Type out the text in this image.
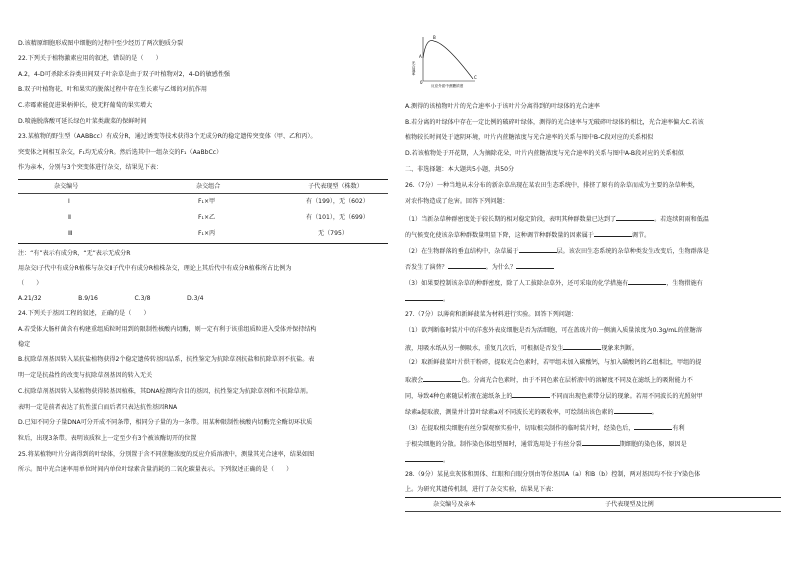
D.该精原细胞形成图中细胞的过程中至少经历了两次胞质分裂
22.下列关于植物激素应用的叙述，错误的是（　　）
A.2，4-D可杀除禾谷类田间双子叶杂草是由于双子叶植物对2，4-D的敏感性强
B.双子叶植物花、叶和果实的脱落过程中存在生长素与乙烯的对抗作用
C.赤霉素能促进果柄伸长，使无籽葡萄的果实增大
D.喷施脱落酸可延长绿色叶菜类蔬菜的保鲜时间
23.某植物的野生型（AABBcc）有成分R，通过诱变等技术获得3个无成分R的稳定遗传突变体（甲、乙和丙）。
突变体之间相互杂交，F₁均无成分R。然后选其中一组杂交的F₁（AaBbCc）
作为亲本，分别与3个突变体进行杂交，结果见下表：
杂交编号	杂交组合	子代表现型（株数）
Ⅰ	F₁×甲	有（199），无（602）
Ⅱ	F₁×乙	有（101），无（699）
Ⅲ	F₁×丙	无（795）
注：“有”表示有成分R，“无”表示无成分R
用杂交Ⅰ子代中有成分R植株与杂交Ⅱ子代中有成分R植株杂交，理论上其后代中有成分R植株所占比例为
（　　）
A.21/32　　　　　　B.9/16　　　　　　C.3/8　　　　　　D.3/4
24.下列关于基因工程的叙述，正确的是（　　）
A.若受体大肠杆菌含有构建重组质粒时用到的限制性核酸内切酶，则一定有利于该重组质粒进入受体并保持结构
稳定
B.抗除草剂基因转入某抗盐植物获得2个稳定遗传转基因品系，抗性鉴定为抗除草剂抗盐和抗除草剂不抗盐。表
明一定是抗盐性的改变与抗除草剂基因的转入无关
C.抗除草剂基因转入某植物获得转基因植株，其DNA检测均含目的基因，抗性鉴定为抗除草剂和不抗除草剂。
表明一定是前者表达了抗性蛋白而后者只表达抗性基因RNA
D.已知不同分子量DNA可分开成不同条带，相同分子量的为一条带。用某种限制性核酸内切酶完全酶切环状质
粒后，出现3条带。表明该质粒上一定至少有3个被该酶切开的位置
25.将某植物叶片分离得到的叶绿体，分别置于含不同蔗糖浓度的反应介质溶液中，测量其光合速率，结果如图
所示。图中光合速率用单位时间内单位叶绿素含量消耗的二氧化碳量表示。下列叙述正确的是（　　）
光合速率
反应介质中蔗糖浓度
0
A
B
C
A.测得的该植物叶片的光合速率小于该叶片分离得到的叶绿体的光合速率
B.若分离的叶绿体中存在一定比例的破碎叶绿体，测得的光合速率与无破碎叶绿体的相比，光合速率偏大C.若该
植物较长时间处于遮阴环境，叶片内蔗糖浓度与光合速率的关系与图中B-C段对应的关系相似
D.若该植物处于开花期，人为摘除花朵，叶片内蔗糖浓度与光合速率的关系与图中A-B段对应的关系相似
二、非选择题：本大题共5小题，共50分
26.（7分）一种当地从未分布的新杂草出现在某农田生态系统中，排挤了原有的杂草而成为主要的杂草种类，
对农作物造成了危害。回答下列问题：
（1）当新杂草种群密度处于较长期的相对稳定阶段，表明其种群数量已达到了	。若连续阴雨和低温
的气候变化使该杂草种群数量明显下降，这种调节种群数量的因素属于	调节。
（2）在生物群落的垂直结构中，杂草属于	层。该农田生态系统的杂草种类发生改变后，生物群落是
否发生了演替？	。为什么？
（3）如果要控制该杂草的种群密度，除了人工拔除杂草外，还可采取的化学措施有	，生物措施有
。
27.（7分）以薄荷和新鲜菠菜为材料进行实验。回答下列问题：
（1）欲判断临时装片中的洋葱外表皮细胞是否为活细胞，可在盖玻片的一侧滴入质量浓度为0.3g/mL的蔗糖溶
液，用吸水纸从另一侧吸水，重复几次后，可根据是否发生	现象来判断。
（2）取新鲜菠菜叶片烘干粉碎，提取光合色素时，若甲组未加入碳酸钙，与加入碳酸钙的乙组相比，甲组的提
取液会	色。分离光合色素时，由于不同色素在层析液中的溶解度不同及在滤纸上的吸附能力不
同，导致4种色素随层析液在滤纸条上的	不同而出现色素带分层的现象。若用不同波长的光照射甲
绿素a提取液，测量并计算叶绿素a对不同波长光的吸收率，可绘制出该色素的	。
（3）在提取根尖细胞有丝分裂观察实验中，切取根尖制作的临时装片时，经染色后，	有利
于根尖细胞的分散。制作染色体组型图时，通常选用处于有丝分裂	期细胞的染色体，原因是
。
28.（9分）某昆虫灰体和黑体、红眼和白眼分别由等位基因A（a）和B（b）控制，两对基因均不位于Y染色体
上。为研究其遗传机制，进行了杂交实验，结果见下表：
杂交编号及亲本	子代表现型及比例
